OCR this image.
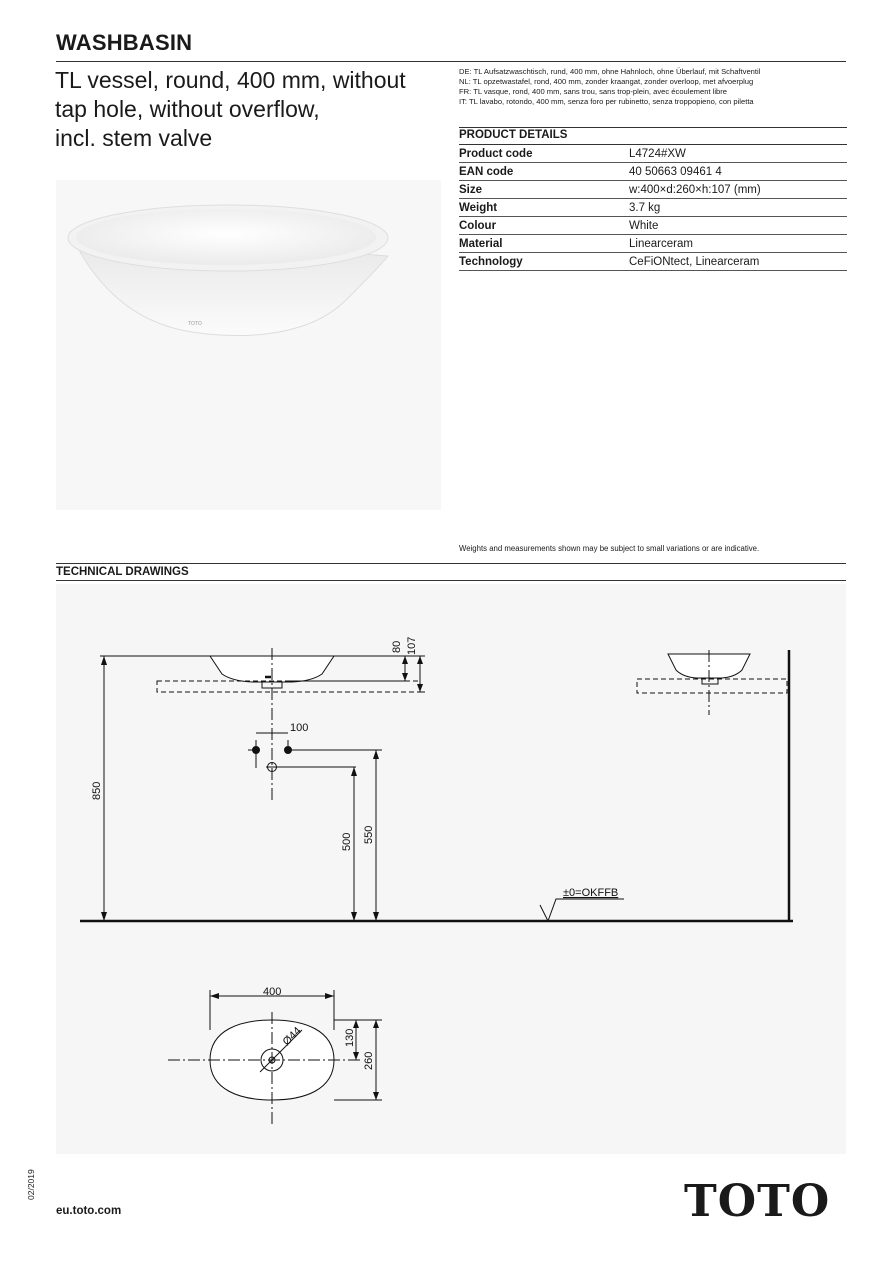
WASHBASIN
TL vessel, round, 400 mm, without
tap hole, without overflow,
incl. stem valve
DE: TL Aufsatzwaschtisch, rund, 400 mm, ohne Hahnloch, ohne Überlauf, mit Schaftventil
NL: TL opzetwastafel, rond, 400 mm, zonder kraangat, zonder overloop, met afvoerplug
FR: TL vasque, rond, 400 mm, sans trou, sans trop-plein, avec écoulement libre
IT: TL lavabo, rotondo, 400 mm, senza foro per rubinetto, senza troppopieno, con piletta
TOTO
PRODUCT DETAILS
Product code	L4724#XW
EAN code	40 50663 09461 4
Size	w:400×d:260×h:107 (mm)
Weight	3.7 kg
Colour	White
Material	Linearceram
Technology	CeFiONtect, Linearceram
Weights and measurements shown may be subject to small variations or are indicative.
TECHNICAL DRAWINGS
80 107
100
850
500 550
±0=OKFFB
400
Ø44	130
260
02/2019
eu.toto.com	TOTO
